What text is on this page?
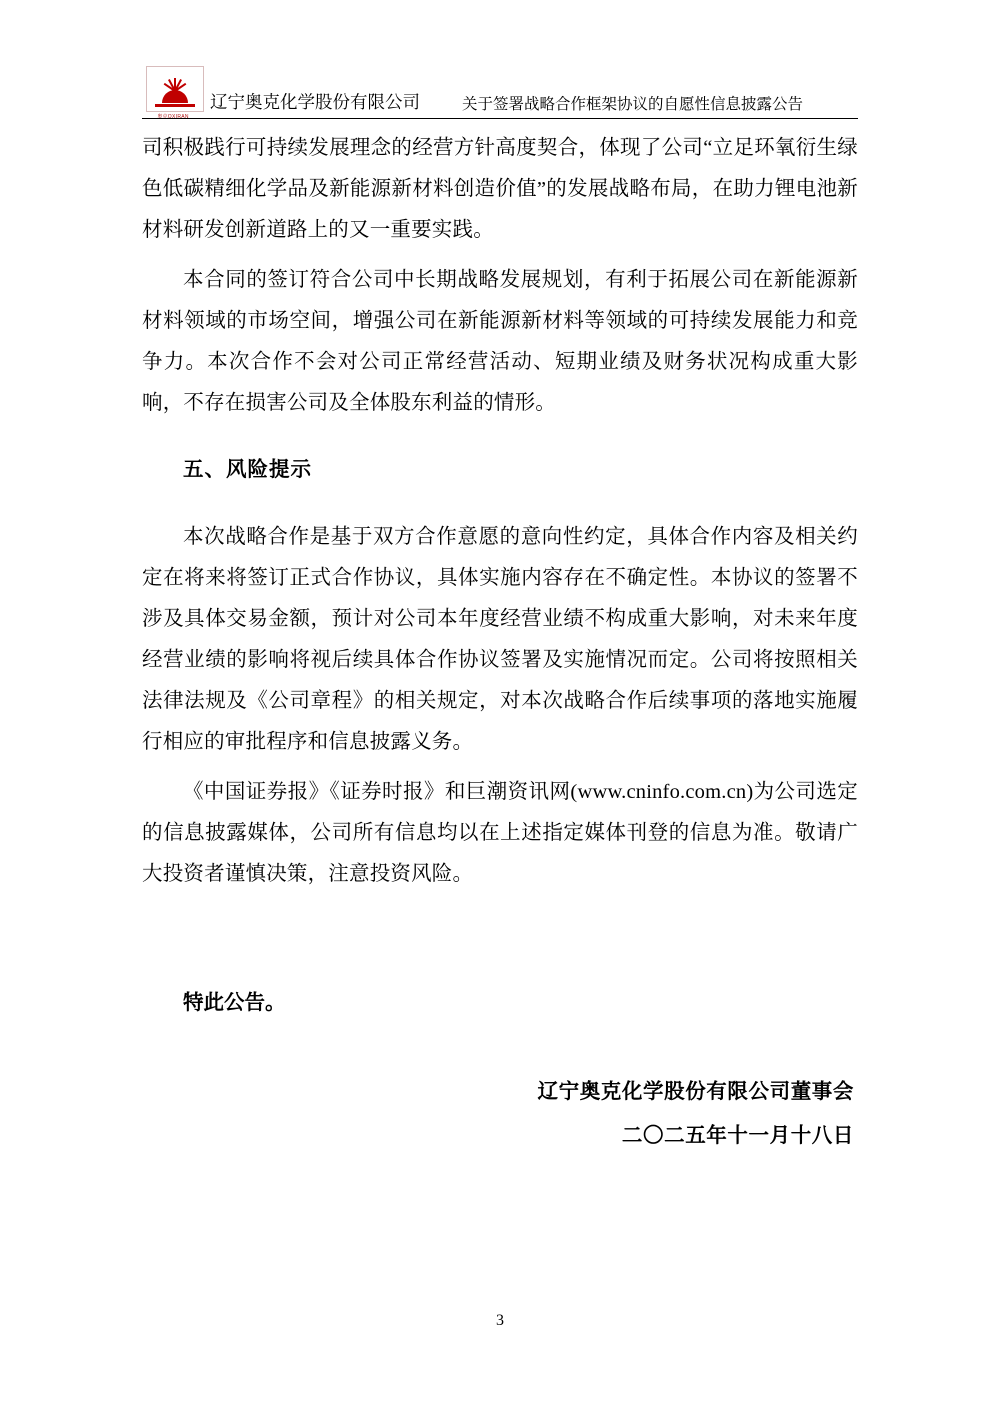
奥克OXIRAN
辽宁奥克化学股份有限公司	关于签署战略合作框架协议的自愿性信息披露公告

司积极践行可持续发展理念的经营方针高度契合，体现了公司“立足环氧衍生绿色低碳精细化学品及新能源新材料创造价值”的发展战略布局，在助力锂电池新材料研发创新道路上的又一重要实践。

本合同的签订符合公司中长期战略发展规划，有利于拓展公司在新能源新材料领域的市场空间，增强公司在新能源新材料等领域的可持续发展能力和竞争力。本次合作不会对公司正常经营活动、短期业绩及财务状况构成重大影响，不存在损害公司及全体股东利益的情形。

五、风险提示

本次战略合作是基于双方合作意愿的意向性约定，具体合作内容及相关约定在将来将签订正式合作协议，具体实施内容存在不确定性。本协议的签署不涉及具体交易金额，预计对公司本年度经营业绩不构成重大影响，对未来年度经营业绩的影响将视后续具体合作协议签署及实施情况而定。公司将按照相关法律法规及《公司章程》的相关规定，对本次战略合作后续事项的落地实施履行相应的审批程序和信息披露义务。

《中国证券报》《证券时报》和巨潮资讯网(www.cninfo.com.cn)为公司选定的信息披露媒体，公司所有信息均以在上述指定媒体刊登的信息为准。敬请广大投资者谨慎决策，注意投资风险。

特此公告。

辽宁奥克化学股份有限公司董事会
二〇二五年十一月十八日
3
